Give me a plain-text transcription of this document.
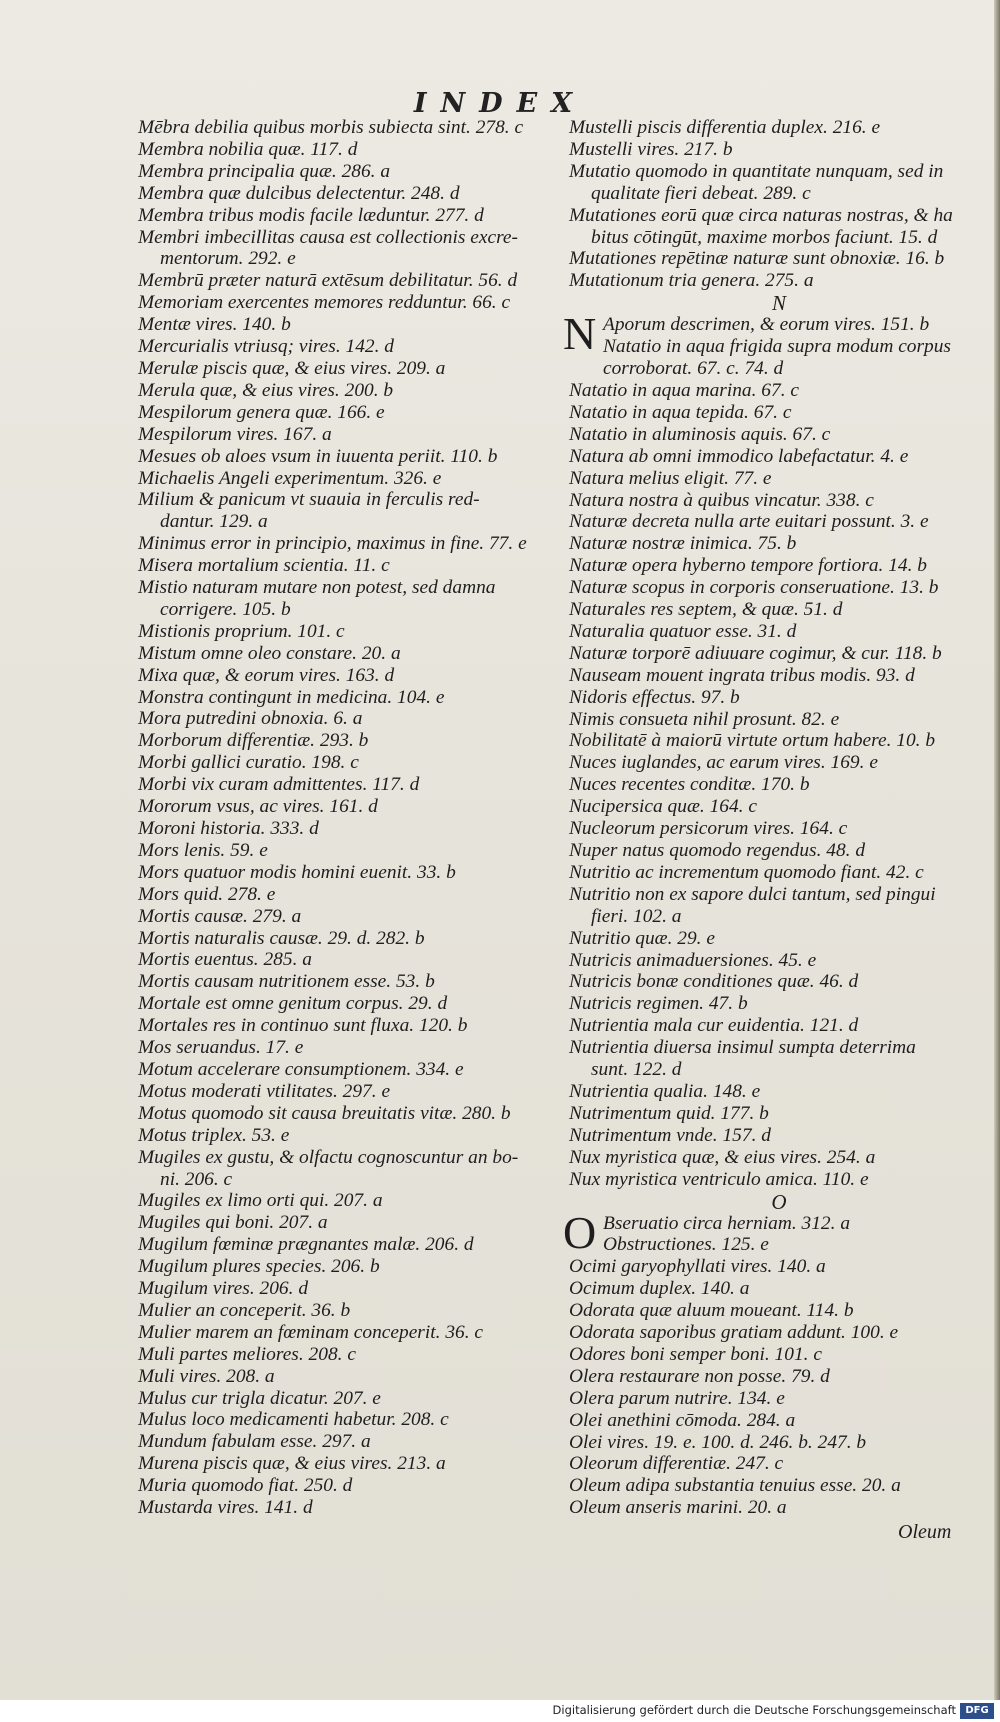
INDEX
Mēbra debilia quibus morbis subiecta sint. 278. c
Membra nobilia quæ. 117. d
Membra principalia quæ. 286. a
Membra quæ dulcibus delectentur. 248. d
Membra tribus modis facile læduntur. 277. d
Membri imbecillitas causa est collectionis excre-
mentorum. 292. e
Membrū præter naturā extēsum debilitatur. 56. d
Memoriam exercentes memores redduntur. 66. c
Mentæ vires. 140. b
Mercurialis vtriusq; vires. 142. d
Merulæ piscis quæ, & eius vires. 209. a
Merula quæ, & eius vires. 200. b
Mespilorum genera quæ. 166. e
Mespilorum vires. 167. a
Mesues ob aloes vsum in iuuenta periit. 110. b
Michaelis Angeli experimentum. 326. e
Milium & panicum vt suauia in ferculis red-
dantur. 129. a
Minimus error in principio, maximus in fine. 77. e
Misera mortalium scientia. 11. c
Mistio naturam mutare non potest, sed damna
corrigere. 105. b
Mistionis proprium. 101. c
Mistum omne oleo constare. 20. a
Mixa quæ, & eorum vires. 163. d
Monstra contingunt in medicina. 104. e
Mora putredini obnoxia. 6. a
Morborum differentiæ. 293. b
Morbi gallici curatio. 198. c
Morbi vix curam admittentes. 117. d
Mororum vsus, ac vires. 161. d
Moroni historia. 333. d
Mors lenis. 59. e
Mors quatuor modis homini euenit. 33. b
Mors quid. 278. e
Mortis causæ. 279. a
Mortis naturalis causæ. 29. d. 282. b
Mortis euentus. 285. a
Mortis causam nutritionem esse. 53. b
Mortale est omne genitum corpus. 29. d
Mortales res in continuo sunt fluxa. 120. b
Mos seruandus. 17. e
Motum accelerare consumptionem. 334. e
Motus moderati vtilitates. 297. e
Motus quomodo sit causa breuitatis vitæ. 280. b
Motus triplex. 53. e
Mugiles ex gustu, & olfactu cognoscuntur an bo-
ni. 206. c
Mugiles ex limo orti qui. 207. a
Mugiles qui boni. 207. a
Mugilum fœminæ prægnantes malæ. 206. d
Mugilum plures species. 206. b
Mugilum vires. 206. d
Mulier an conceperit. 36. b
Mulier marem an fœminam conceperit. 36. c
Muli partes meliores. 208. c
Muli vires. 208. a
Mulus cur trigla dicatur. 207. e
Mulus loco medicamenti habetur. 208. c
Mundum fabulam esse. 297. a
Murena piscis quæ, & eius vires. 213. a
Muria quomodo fiat. 250. d
Mustarda vires. 141. d
Mustelli piscis differentia duplex. 216. e
Mustelli vires. 217. b
Mutatio quomodo in quantitate nunquam, sed in
qualitate fieri debeat. 289. c
Mutationes eorū quæ circa naturas nostras, & ha
bitus cōtingūt, maxime morbos faciunt. 15. d
Mutationes repētinæ naturæ sunt obnoxiæ. 16. b
Mutationum tria genera. 275. a
N
N Aporum descrimen, & eorum vires. 151. b
Natatio in aqua frigida supra modum corpus
corroborat. 67. c. 74. d
Natatio in aqua marina. 67. c
Natatio in aqua tepida. 67. c
Natatio in aluminosis aquis. 67. c
Natura ab omni immodico labefactatur. 4. e
Natura melius eligit. 77. e
Natura nostra à quibus vincatur. 338. c
Naturæ decreta nulla arte euitari possunt. 3. e
Naturæ nostræ inimica. 75. b
Naturæ opera hyberno tempore fortiora. 14. b
Naturæ scopus in corporis conseruatione. 13. b
Naturales res septem, & quæ. 51. d
Naturalia quatuor esse. 31. d
Naturæ torporē adiuuare cogimur, & cur. 118. b
Nauseam mouent ingrata tribus modis. 93. d
Nidoris effectus. 97. b
Nimis consueta nihil prosunt. 82. e
Nobilitatē à maiorū virtute ortum habere. 10. b
Nuces iuglandes, ac earum vires. 169. e
Nuces recentes conditæ. 170. b
Nucipersica quæ. 164. c
Nucleorum persicorum vires. 164. c
Nuper natus quomodo regendus. 48. d
Nutritio ac incrementum quomodo fiant. 42. c
Nutritio non ex sapore dulci tantum, sed pingui
fieri. 102. a
Nutritio quæ. 29. e
Nutricis animaduersiones. 45. e
Nutricis bonæ conditiones quæ. 46. d
Nutricis regimen. 47. b
Nutrientia mala cur euidentia. 121. d
Nutrientia diuersa insimul sumpta deterrima
sunt. 122. d
Nutrientia qualia. 148. e
Nutrimentum quid. 177. b
Nutrimentum vnde. 157. d
Nux myristica quæ, & eius vires. 254. a
Nux myristica ventriculo amica. 110. e
O
O Bseruatio circa herniam. 312. a
Obstructiones. 125. e
Ocimi garyophyllati vires. 140. a
Ocimum duplex. 140. a
Odorata quæ aluum moueant. 114. b
Odorata saporibus gratiam addunt. 100. e
Odores boni semper boni. 101. c
Olera restaurare non posse. 79. d
Olera parum nutrire. 134. e
Olei anethini cōmoda. 284. a
Olei vires. 19. e. 100. d. 246. b. 247. b
Oleorum differentiæ. 247. c
Oleum adipa substantia tenuius esse. 20. a
Oleum anseris marini. 20. a
Oleum
Digitalisierung gefördert durch die Deutsche Forschungsgemeinschaft DFG
